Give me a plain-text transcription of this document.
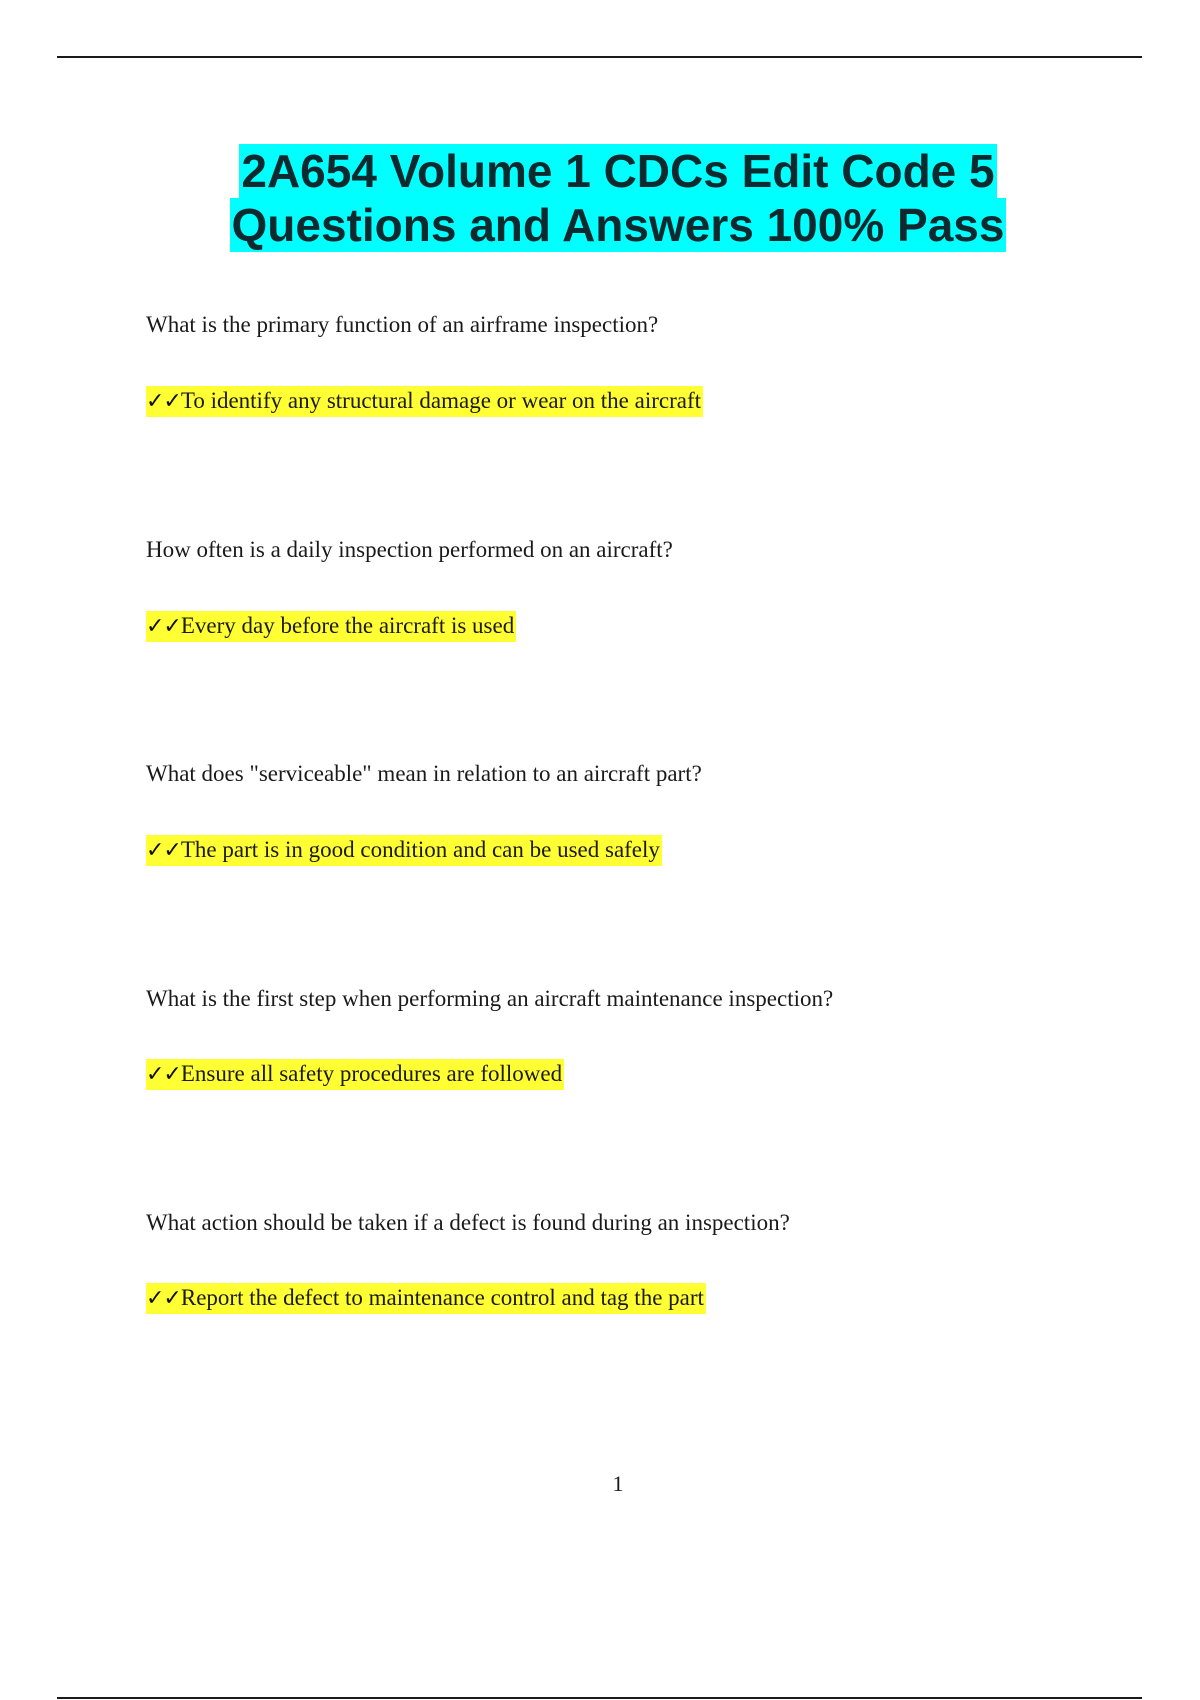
2A654 Volume 1 CDCs Edit Code 5
Questions and Answers 100% Pass
What is the primary function of an airframe inspection?
✓✓To identify any structural damage or wear on the aircraft
How often is a daily inspection performed on an aircraft?
✓✓Every day before the aircraft is used
What does "serviceable" mean in relation to an aircraft part?
✓✓The part is in good condition and can be used safely
What is the first step when performing an aircraft maintenance inspection?
✓✓Ensure all safety procedures are followed
What action should be taken if a defect is found during an inspection?
✓✓Report the defect to maintenance control and tag the part
1
